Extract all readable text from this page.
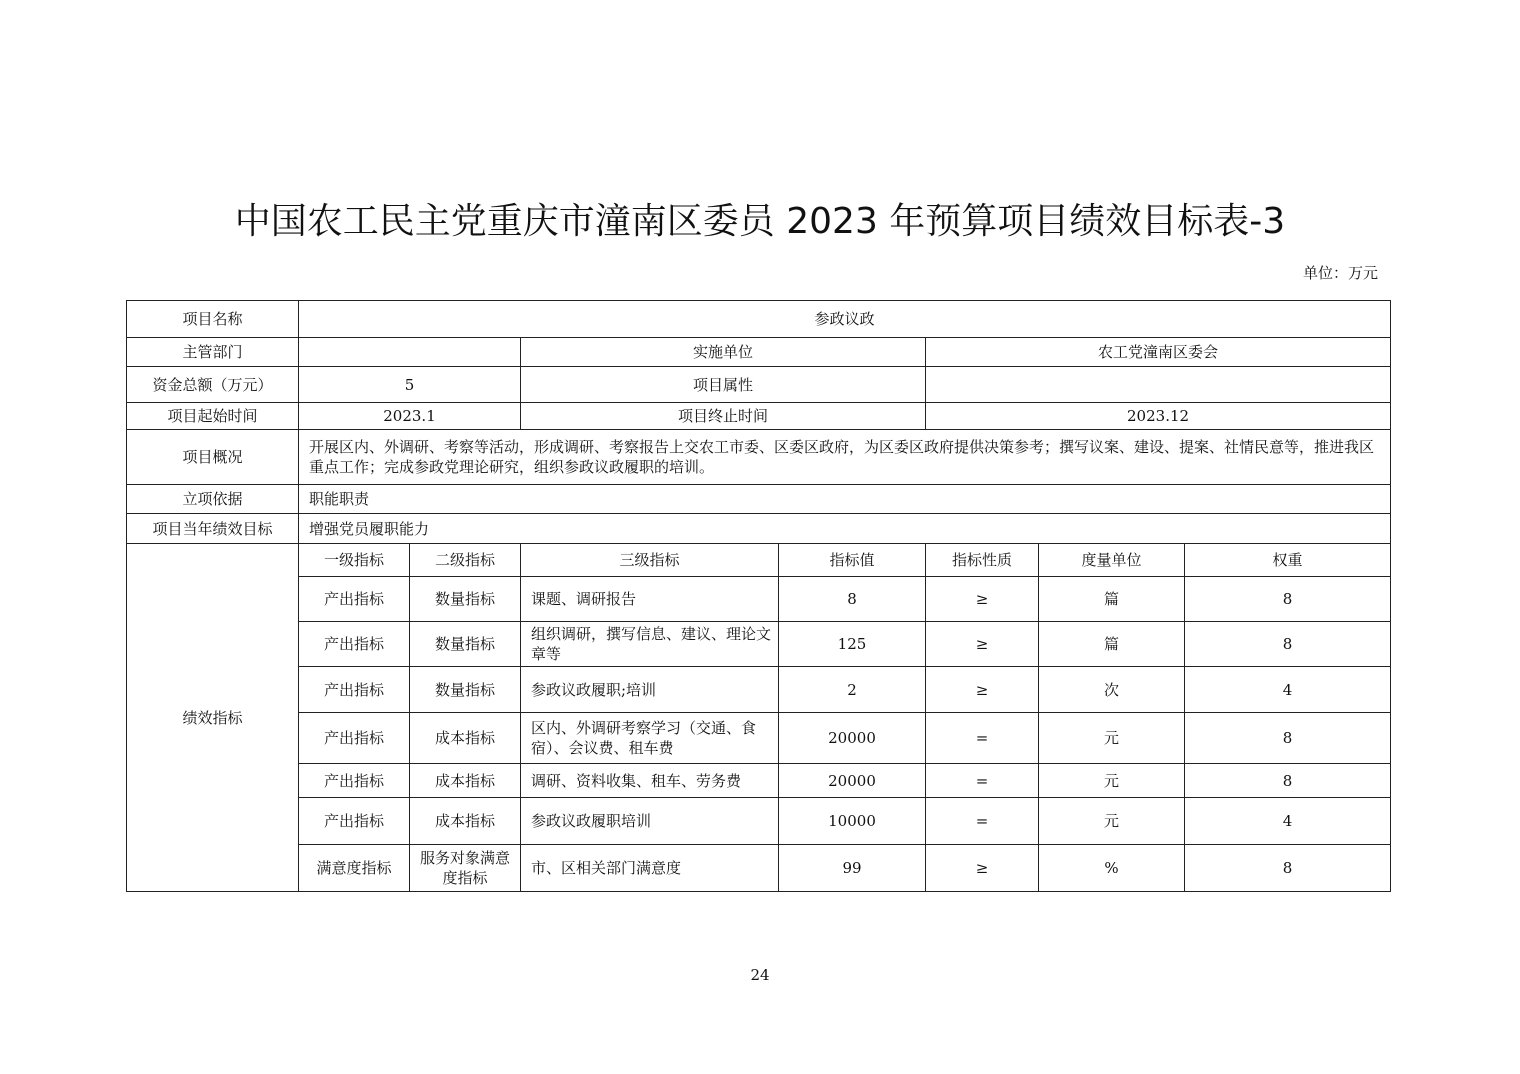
中国农工民主党重庆市潼南区委员 2023 年预算项目绩效目标表-3
单位：万元
项目名称	参政议政						
主管部门			实施单位		农工党潼南区委会		
资金总额（万元）	5		项目属性				
项目起始时间	2023.1		项目终止时间		2023.12		
项目概况	开展区内、外调研、考察等活动，形成调研、考察报告上交农工市委、区委区政府，为区委区政府提供决策参考；撰写议案、建设、提案、社情民意等，推进我区重点工作；完成参政党理论研究，组织参政议政履职的培训。						
立项依据	职能职责						
项目当年绩效目标	增强党员履职能力						
绩效指标	一级指标	二级指标	三级指标	指标值	指标性质	度量单位	权重
	产出指标	数量指标	课题、调研报告	8	≥	篇	8
	产出指标	数量指标	组织调研，撰写信息、建议、理论文章等	125	≥	篇	8
	产出指标	数量指标	参政议政履职;培训	2	≥	次	4
	产出指标	成本指标	区内、外调研考察学习（交通、食宿）、会议费、租车费	20000	=	元	8
	产出指标	成本指标	调研、资料收集、租车、劳务费	20000	=	元	8
	产出指标	成本指标	参政议政履职培训	10000	=	元	4
	满意度指标	服务对象满意度指标	市、区相关部门满意度	99	≥	%	8
24
